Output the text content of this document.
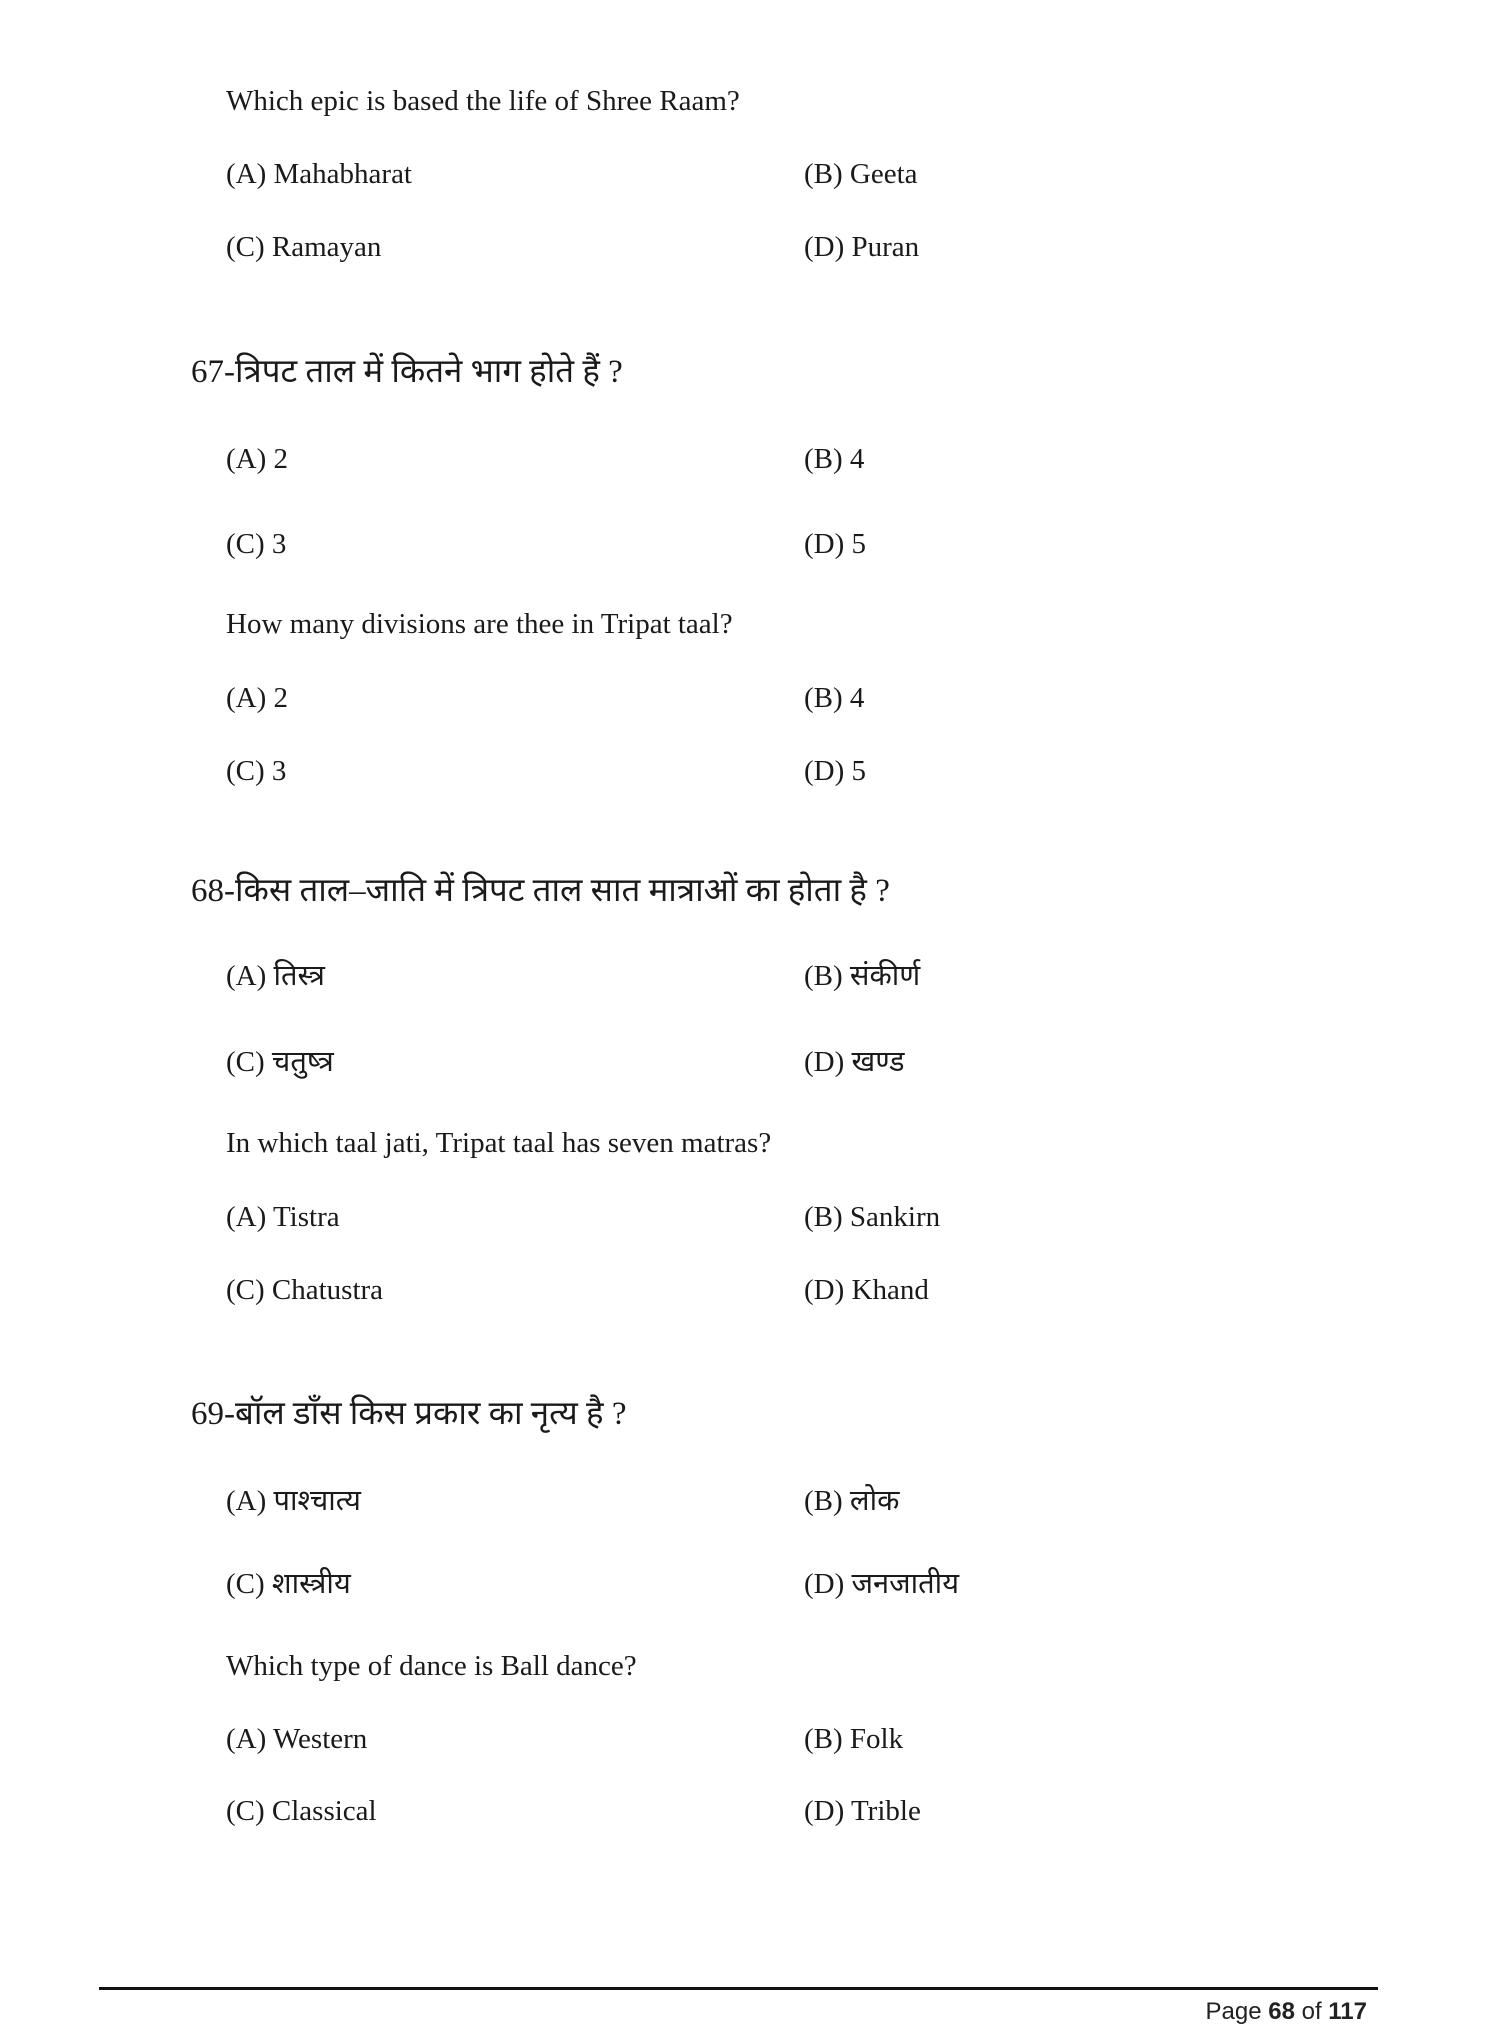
Which epic is based the life of Shree Raam?
(A) Mahabharat	(B) Geeta
(C) Ramayan	(D) Puran
67-त्रिपट ताल में कितने भाग होते हैं ?
(A) 2	(B) 4
(C) 3	(D) 5
How many divisions are thee in Tripat taal?
(A) 2	(B) 4
(C) 3	(D) 5
68-किस ताल–जाति में त्रिपट ताल सात मात्राओं का होता है ?
(A) तिस्त्र	(B) संकीर्ण
(C) चतुष्त्र	(D) खण्ड
In which taal jati, Tripat taal has seven matras?
(A) Tistra	(B) Sankirn
(C) Chatustra	(D) Khand
69-बॉल डाँस किस प्रकार का नृत्य है ?
(A) पाश्चात्य	(B) लोक
(C) शास्त्रीय	(D) जनजातीय
Which type of dance is Ball dance?
(A) Western	(B) Folk
(C) Classical	(D) Trible
Page 68 of 117
